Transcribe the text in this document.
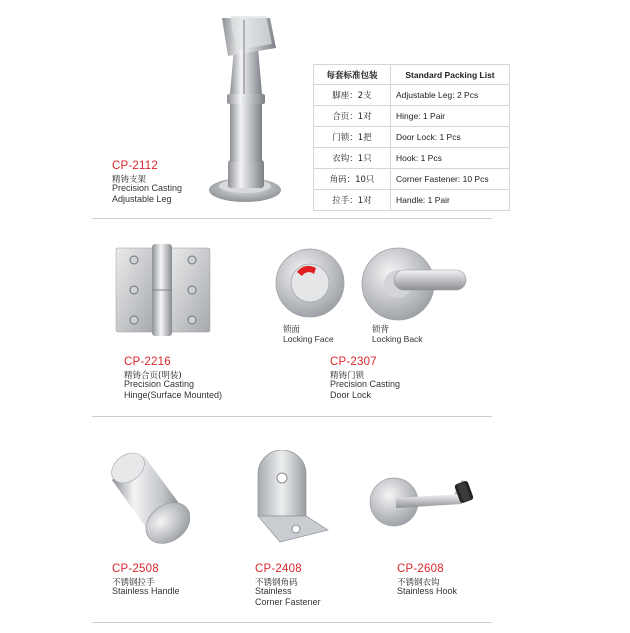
CP-2112
精铸支架
Precision Casting
Adjustable Leg
每套标准包装	Standard Packing List
脚座：2支	Adjustable Leg: 2 Pcs
合页：1对	Hinge: 1 Pair
门锁：1把	Door Lock: 1 Pcs
衣钩：1只	Hook: 1 Pcs
角码：10只	Corner Fastener: 10 Pcs
拉手：1对	Handle: 1 Pair
CP-2216
精铸合页(明装)
Precision Casting
Hinge(Surface Mounted)
锁面
Locking Face
锁背
Locking Back
CP-2307
精铸门锁
Precision Casting
Door Lock
CP-2508
不锈钢拉手
Stainless Handle
CP-2408
不锈钢角码
Stainless
Corner Fastener
CP-2608
不锈钢衣钩
Stainless Hook
